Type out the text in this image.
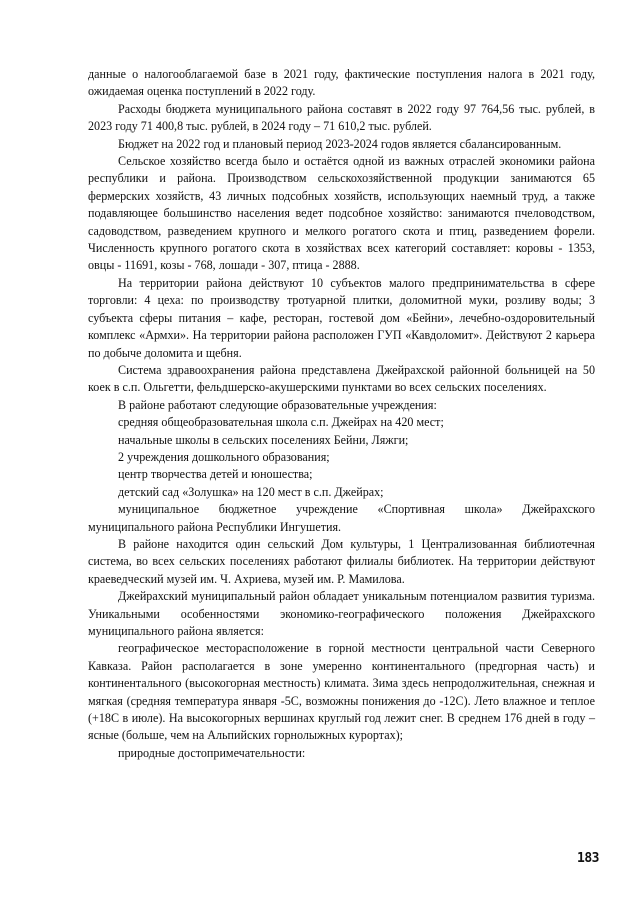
данные о налогооблагаемой базе в 2021 году, фактические поступления налога в 2021 году, ожидаемая оценка поступлений в 2022 году.

Расходы бюджета муниципального района составят в 2022 году 97 764,56 тыс. рублей, в 2023 году 71 400,8 тыс. рублей, в 2024 году – 71 610,2 тыс. рублей.

Бюджет на 2022 год и плановый период 2023-2024 годов является сбалансированным.

Сельское хозяйство всегда было и остаётся одной из важных отраслей экономики района республики и района. Производством сельскохозяйственной продукции занимаются 65 фермерских хозяйств, 43 личных подсобных хозяйств, использующих наемный труд, а также подавляющее большинство населения ведет подсобное хозяйство: занимаются пчеловодством, садоводством, разведением крупного и мелкого рогатого скота и птиц, разведением форели. Численность крупного рогатого скота в хозяйствах всех категорий составляет: коровы - 1353, овцы - 11691, козы - 768, лошади - 307, птица - 2888.

На территории района действуют 10 субъектов малого предпринимательства в сфере торговли: 4 цеха: по производству тротуарной плитки, доломитной муки, розливу воды; 3 субъекта сферы питания – кафе, ресторан, гостевой дом «Бейни», лечебно-оздоровительный комплекс «Армхи». На территории района расположен ГУП «Кавдоломит». Действуют 2 карьера по добыче доломита и щебня.

Система здравоохранения района представлена Джейрахской районной больницей на 50 коек в с.п. Ольгетти, фельдшерско-акушерскими пунктами во всех сельских поселениях.

В районе работают следующие образовательные учреждения:

средняя общеобразовательная школа с.п. Джейрах на 420 мест;

начальные школы в сельских поселениях Бейни, Ляжги;

2 учреждения дошкольного образования;

центр творчества детей и юношества;

детский сад «Золушка» на 120 мест в с.п. Джейрах;

муниципальное бюджетное учреждение «Спортивная школа» Джейрахского муниципального района Республики Ингушетия.

В районе находится один сельский Дом культуры, 1 Централизованная библиотечная система, во всех сельских поселениях работают филиалы библиотек. На территории действуют краеведческий музей им. Ч. Ахриева, музей им. Р. Мамилова.

Джейрахский муниципальный район обладает уникальным потенциалом развития туризма. Уникальными особенностями экономико-географического положения Джейрахского муниципального района является:

географическое месторасположение в горной местности центральной части Северного Кавказа. Район располагается в зоне умеренно континентального (предгорная часть) и континентального (высокогорная местность) климата. Зима здесь непродолжительная, снежная и мягкая (средняя температура января -5С, возможны понижения до -12С). Лето влажное и теплое (+18С в июле). На высокогорных вершинах круглый год лежит снег. В среднем 176 дней в году – ясные (больше, чем на Альпийских горнолыжных курортах);

природные достопримечательности:

183
